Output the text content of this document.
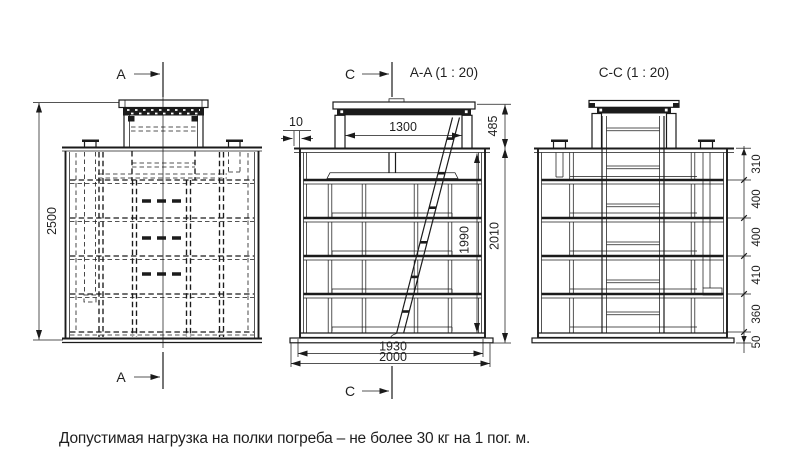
A
A
2500
A-A (1 : 20)
C
10	1300	485
1990 2010
1930
2000
C
C-C (1 : 20)
310
400
400
410
360
50
Допустимая нагрузка на полки погреба – не более 30 кг на 1 пог. м.
